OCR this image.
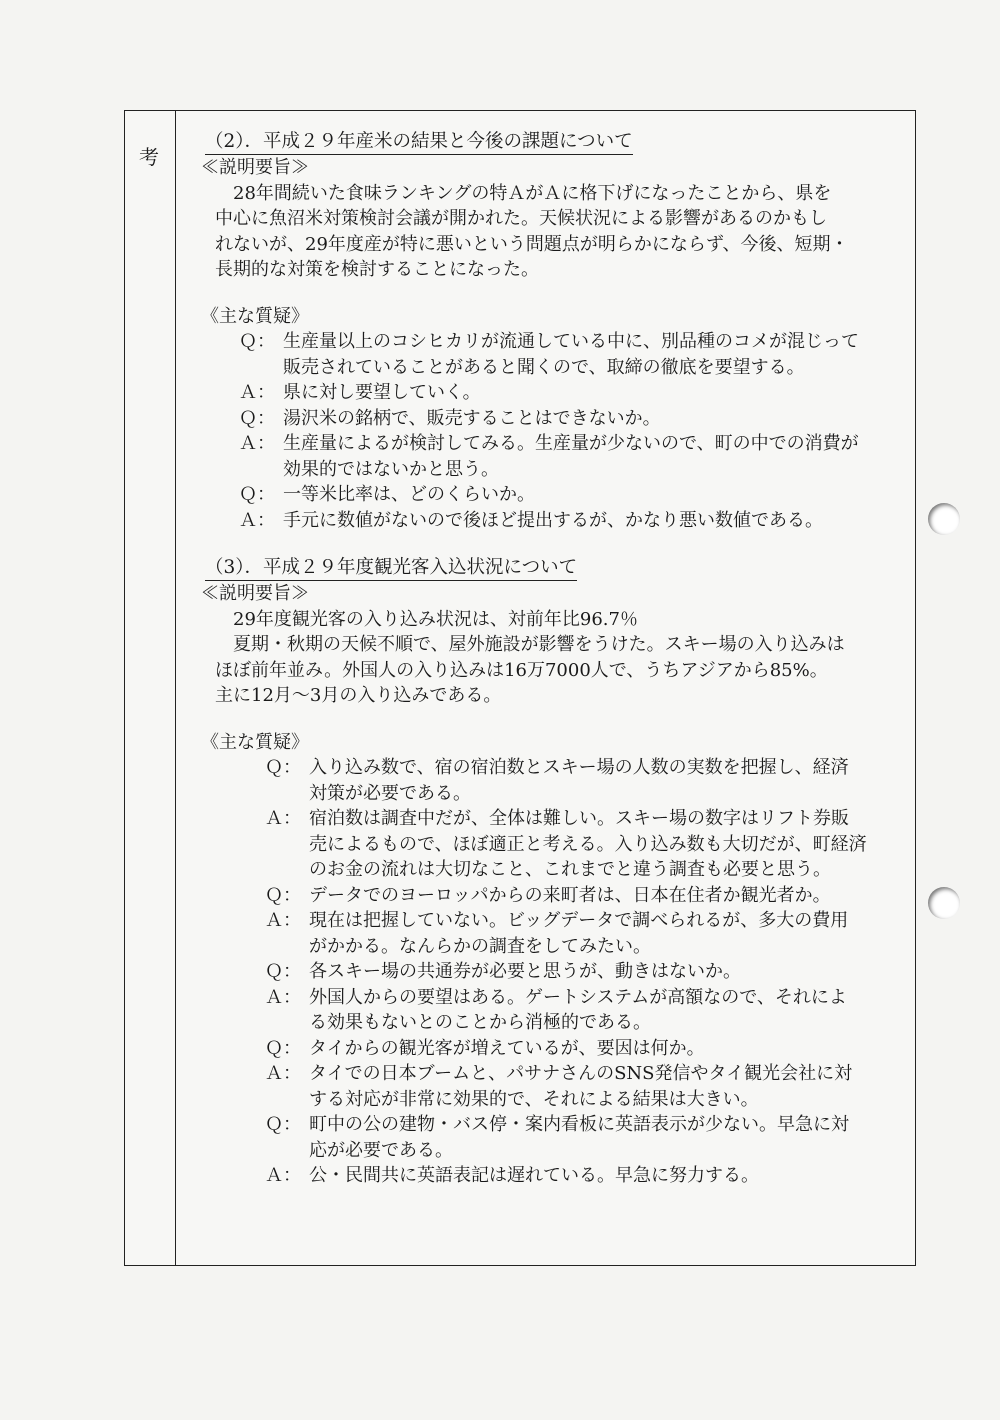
考
（2）．平成２９年産米の結果と今後の課題について
≪説明要旨≫
28年間続いた食味ランキングの特ＡがＡに格下げになったことから、県を
中心に魚沼米対策検討会議が開かれた。天候状況による影響があるのかもし
れないが、29年度産が特に悪いという問題点が明らかにならず、今後、短期・
長期的な対策を検討することになった。
《主な質疑》
Ｑ： 生産量以上のコシヒカリが流通している中に、別品種のコメが混じって
販売されていることがあると聞くので、取締の徹底を要望する。
Ａ： 県に対し要望していく。
Ｑ： 湯沢米の銘柄で、販売することはできないか。
Ａ： 生産量によるが検討してみる。生産量が少ないので、町の中での消費が
効果的ではないかと思う。
Ｑ： 一等米比率は、どのくらいか。
Ａ： 手元に数値がないので後ほど提出するが、かなり悪い数値である。
（3）．平成２９年度観光客入込状況について
≪説明要旨≫
29年度観光客の入り込み状況は、対前年比96.7％
夏期・秋期の天候不順で、屋外施設が影響をうけた。スキー場の入り込みは
ほぼ前年並み。外国人の入り込みは16万7000人で、うちアジアから85%。
主に12月～3月の入り込みである。
《主な質疑》
Ｑ： 入り込み数で、宿の宿泊数とスキー場の人数の実数を把握し、経済
対策が必要である。
Ａ： 宿泊数は調査中だが、全体は難しい。スキー場の数字はリフト券販
売によるもので、ほぼ適正と考える。入り込み数も大切だが、町経済
のお金の流れは大切なこと、これまでと違う調査も必要と思う。
Ｑ： データでのヨーロッパからの来町者は、日本在住者か観光者か。
Ａ： 現在は把握していない。ビッグデータで調べられるが、多大の費用
がかかる。なんらかの調査をしてみたい。
Ｑ： 各スキー場の共通券が必要と思うが、動きはないか。
Ａ： 外国人からの要望はある。ゲートシステムが高額なので、それによ
る効果もないとのことから消極的である。
Ｑ： タイからの観光客が増えているが、要因は何か。
Ａ： タイでの日本ブームと、パサナさんのSNS発信やタイ観光会社に対
する対応が非常に効果的で、それによる結果は大きい。
Ｑ： 町中の公の建物・バス停・案内看板に英語表示が少ない。早急に対
応が必要である。
Ａ： 公・民間共に英語表記は遅れている。早急に努力する。
